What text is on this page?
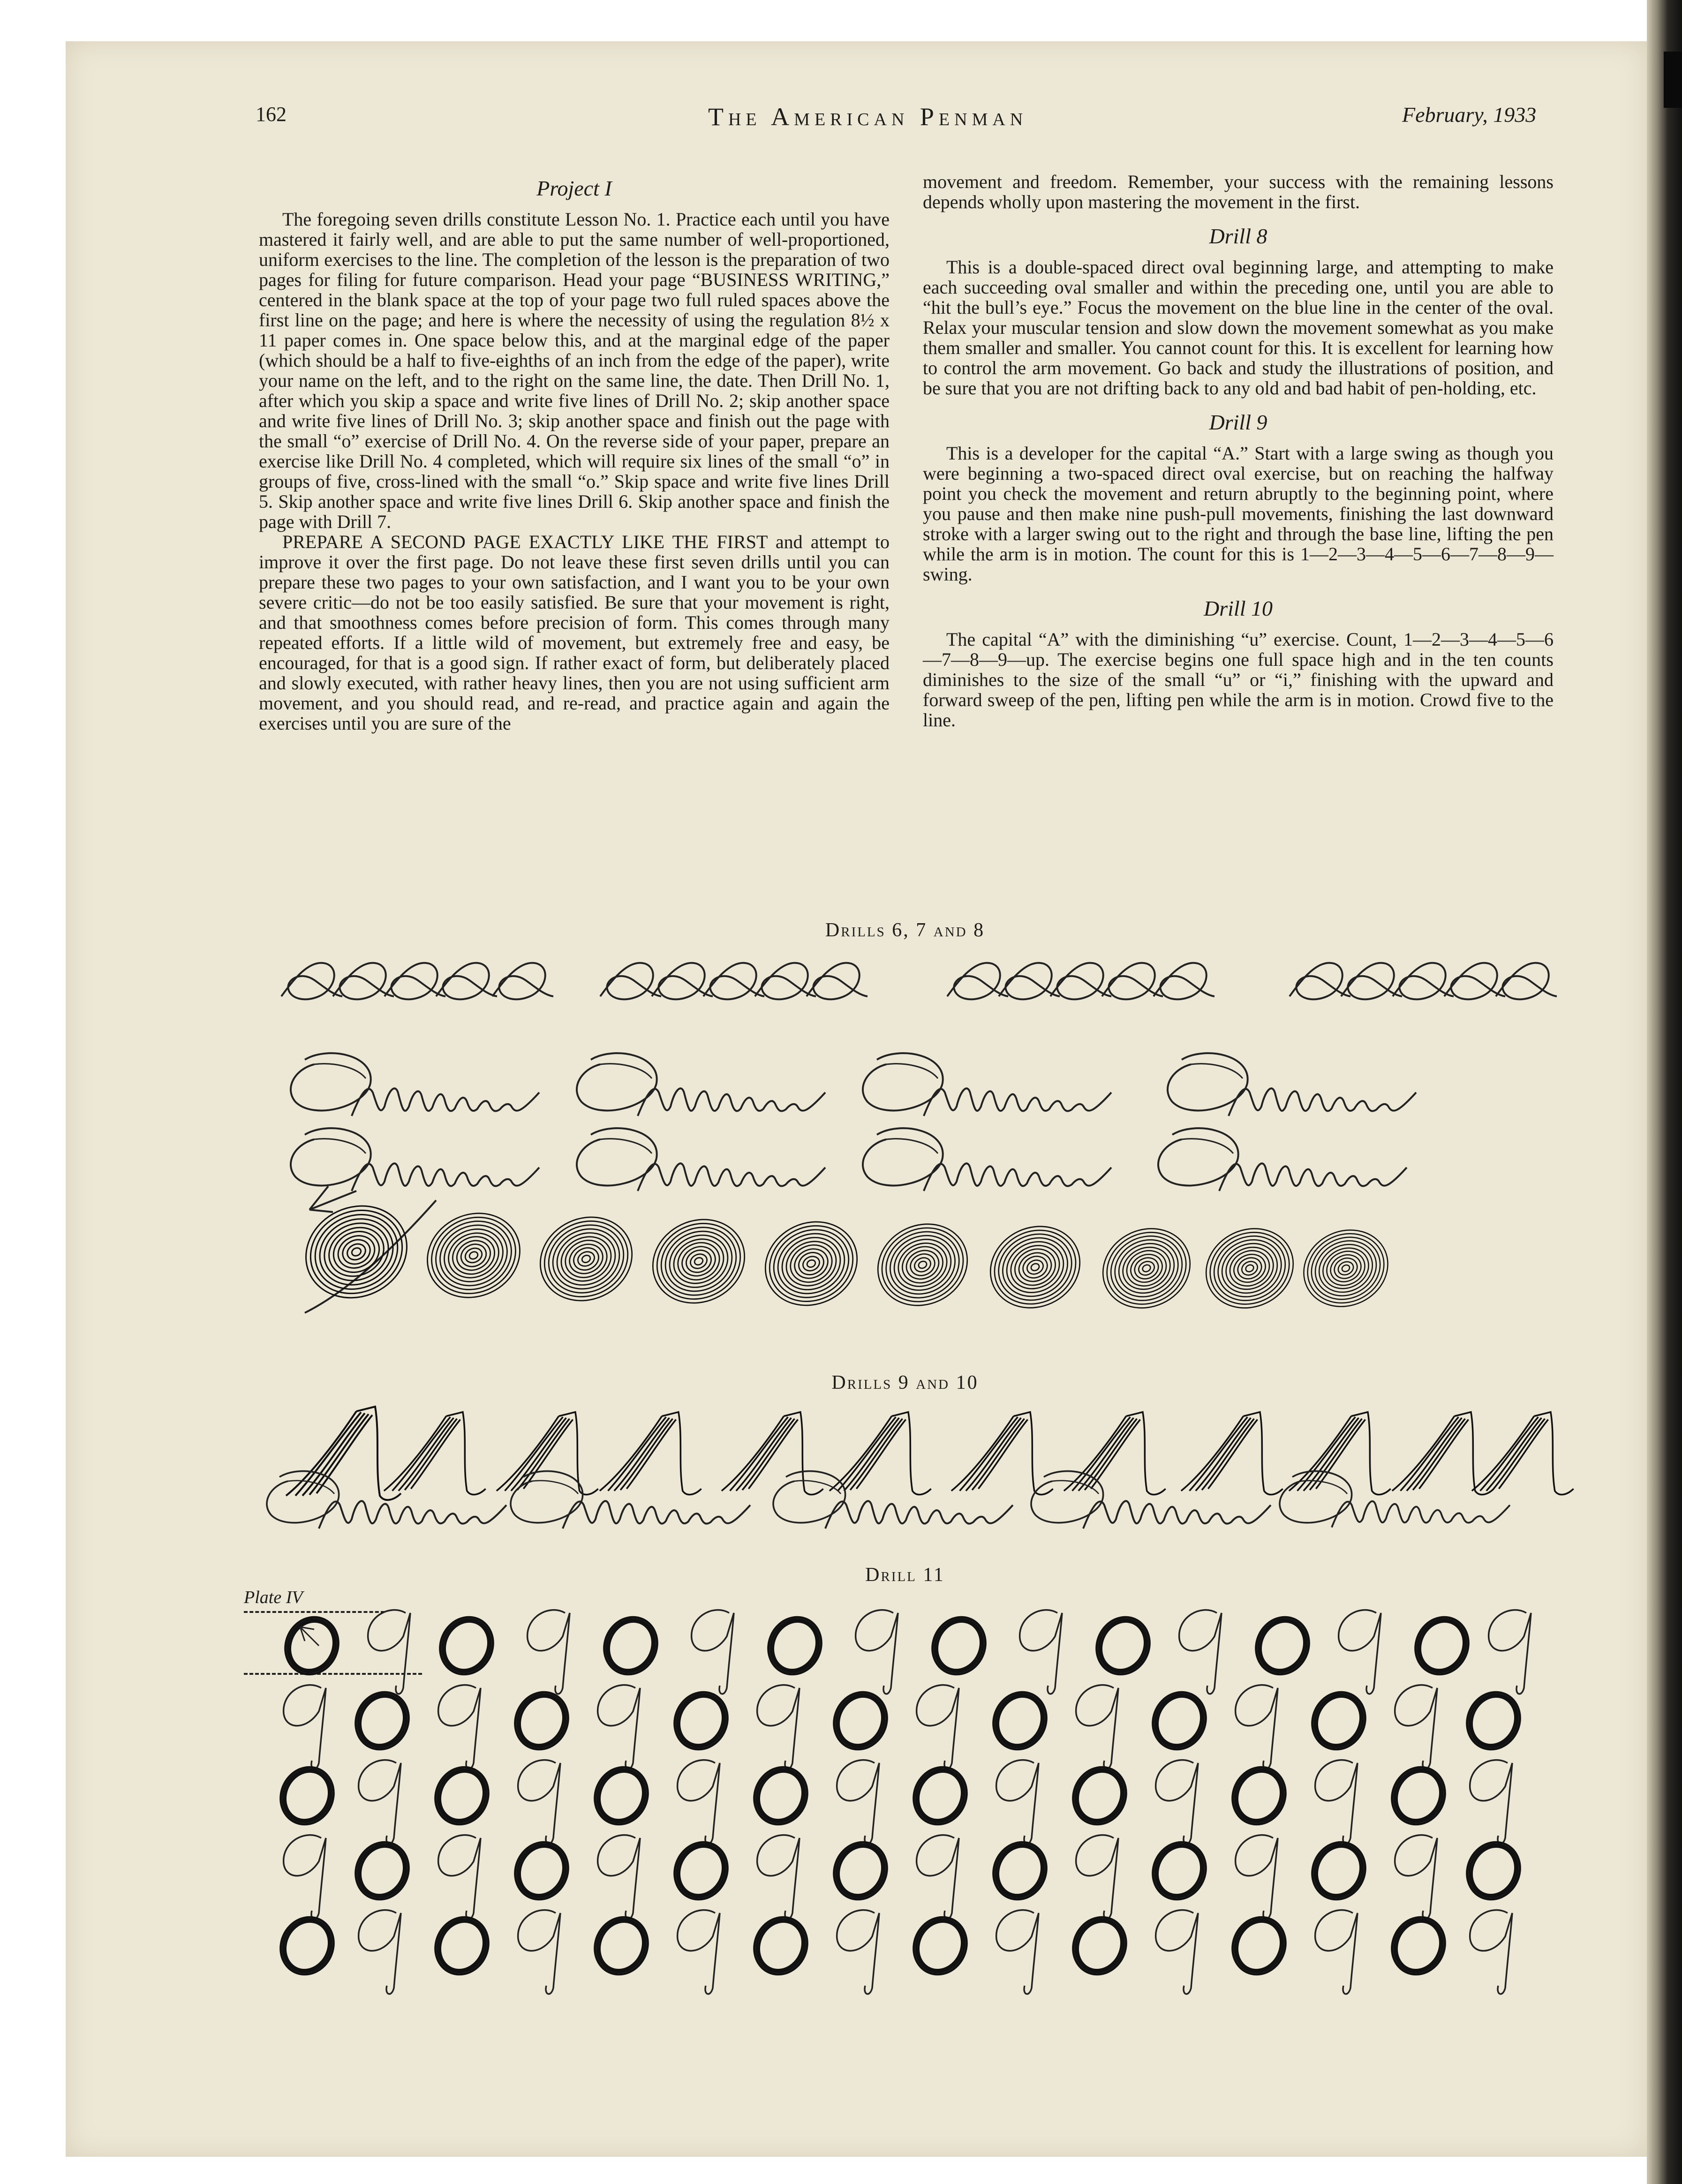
162	The American Penman	February, 1933

Project I

The foregoing seven drills constitute Lesson No. 1. Practice each until you have mastered it fairly well, and are able to put the same number of well-proportioned, uniform exercises to the line. The completion of the lesson is the preparation of two pages for filing for future comparison. Head your page “BUSINESS WRITING,” centered in the blank space at the top of your page two full ruled spaces above the first line on the page; and here is where the necessity of using the regulation 8½ x 11 paper comes in. One space below this, and at the marginal edge of the paper (which should be a half to five-eighths of an inch from the edge of the paper), write your name on the left, and to the right on the same line, the date. Then Drill No. 1, after which you skip a space and write five lines of Drill No. 2; skip another space and write five lines of Drill No. 3; skip another space and finish out the page with the small “o” exercise of Drill No. 4. On the reverse side of your paper, prepare an exercise like Drill No. 4 completed, which will require six lines of the small “o” in groups of five, cross-lined with the small “o.” Skip space and write five lines Drill 5. Skip another space and write five lines Drill 6. Skip another space and finish the page with Drill 7.

PREPARE A SECOND PAGE EXACTLY LIKE THE FIRST and attempt to improve it over the first page. Do not leave these first seven drills until you can prepare these two pages to your own satisfaction, and I want you to be your own severe critic—do not be too easily satisfied. Be sure that your movement is right, and that smoothness comes before precision of form. This comes through many repeated efforts. If a little wild of movement, but extremely free and easy, be encouraged, for that is a good sign. If rather exact of form, but deliberately placed and slowly executed, with rather heavy lines, then you are not using sufficient arm movement, and you should read, and re-read, and practice again and again the exercises until you are sure of the

movement and freedom. Remember, your success with the remaining lessons depends wholly upon mastering the movement in the first.

Drill 8

This is a double-spaced direct oval beginning large, and attempting to make each succeeding oval smaller and within the preceding one, until you are able to “hit the bull’s eye.” Focus the movement on the blue line in the center of the oval. Relax your muscular tension and slow down the movement somewhat as you make them smaller and smaller. You cannot count for this. It is excellent for learning how to control the arm movement. Go back and study the illustrations of position, and be sure that you are not drifting back to any old and bad habit of pen-holding, etc.

Drill 9

This is a developer for the capital “A.” Start with a large swing as though you were beginning a two-spaced direct oval exercise, but on reaching the halfway point you check the movement and return abruptly to the beginning point, where you pause and then make nine push-pull movements, finishing the last downward stroke with a larger swing out to the right and through the base line, lifting the pen while the arm is in motion. The count for this is 1—2—3—4—5—6—7—8—9—swing.

Drill 10

The capital “A” with the diminishing “u” exercise. Count, 1—2—3—4—5—6—7—8—9—up. The exercise begins one full space high and in the ten counts diminishes to the size of the small “u” or “i,” finishing with the upward and forward sweep of the pen, lifting pen while the arm is in motion. Crowd five to the line.

Drills 6, 7 and 8
Drills 9 and 10
Drill 11
Plate IV
